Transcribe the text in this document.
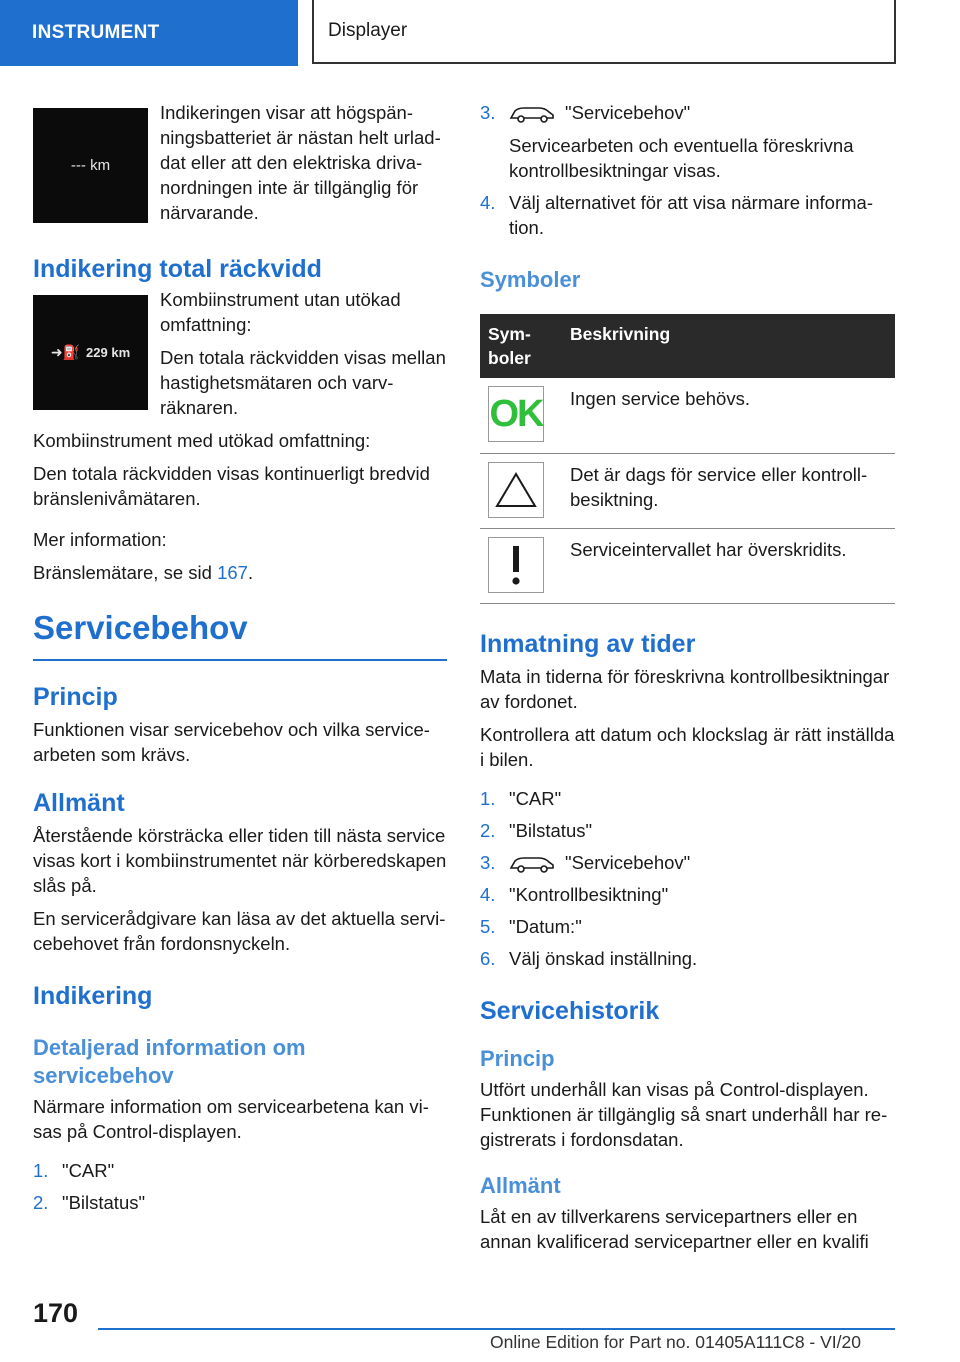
INSTRUMENT	Displayer
--- km

Indikeringen visar att högspänningsbatteriet är nästan helt urladdat eller att den elektriska drivanordningen inte är tillgänglig för närvarande.

Indikering total räckvidd
➜⛽ 229 km

Kombiinstrument utan utökad omfattning:

Den totala räckvidden visas mellan hastighetsmätaren och varvräknaren.

Kombiinstrument med utökad omfattning:

Den totala räckvidden visas kontinuerligt bredvid bränslenivåmätaren.

Mer information:

Bränslemätare, se sid 167.

Servicebehov
Princip

Funktionen visar servicebehov och vilka servicearbeten som krävs.

Allmänt

Återstående körsträcka eller tiden till nästa service visas kort i kombiinstrumentet när körberedskapen slås på.

En servicerådgivare kan läsa av det aktuella servicebehovet från fordonsnyckeln.

Indikering
Detaljerad information om servicebehov

Närmare information om servicearbetena kan visas på Control-displayen.

1. "CAR"
2. "Bilstatus"
3.	"Servicebehov"
Servicearbeten och eventuella föreskrivna kontrollbesiktningar visas.
4. Välj alternativet för att visa närmare information.
Symboler
Symboler	Beskrivning

OK	Ingen service behövs.

	Det är dags för service eller kontrollbesiktning.

	Serviceintervallet har överskridits.
Inmatning av tider

Mata in tiderna för föreskrivna kontrollbesiktningar av fordonet.

Kontrollera att datum och klockslag är rätt inställda i bilen.

1. "CAR"
2. "Bilstatus"
3.	"Servicebehov"
4. "Kontrollbesiktning"
5. "Datum:"
6. Välj önskad inställning.
Servicehistorik
Princip

Utfört underhåll kan visas på Control-displayen. Funktionen är tillgänglig så snart underhåll har registrerats i fordonsdatan.

Allmänt

Låt en av tillverkarens servicepartners eller en annan kvalificerad servicepartner eller en kvalifi

170
Online Edition for Part no. 01405A111C8 - VI/20
